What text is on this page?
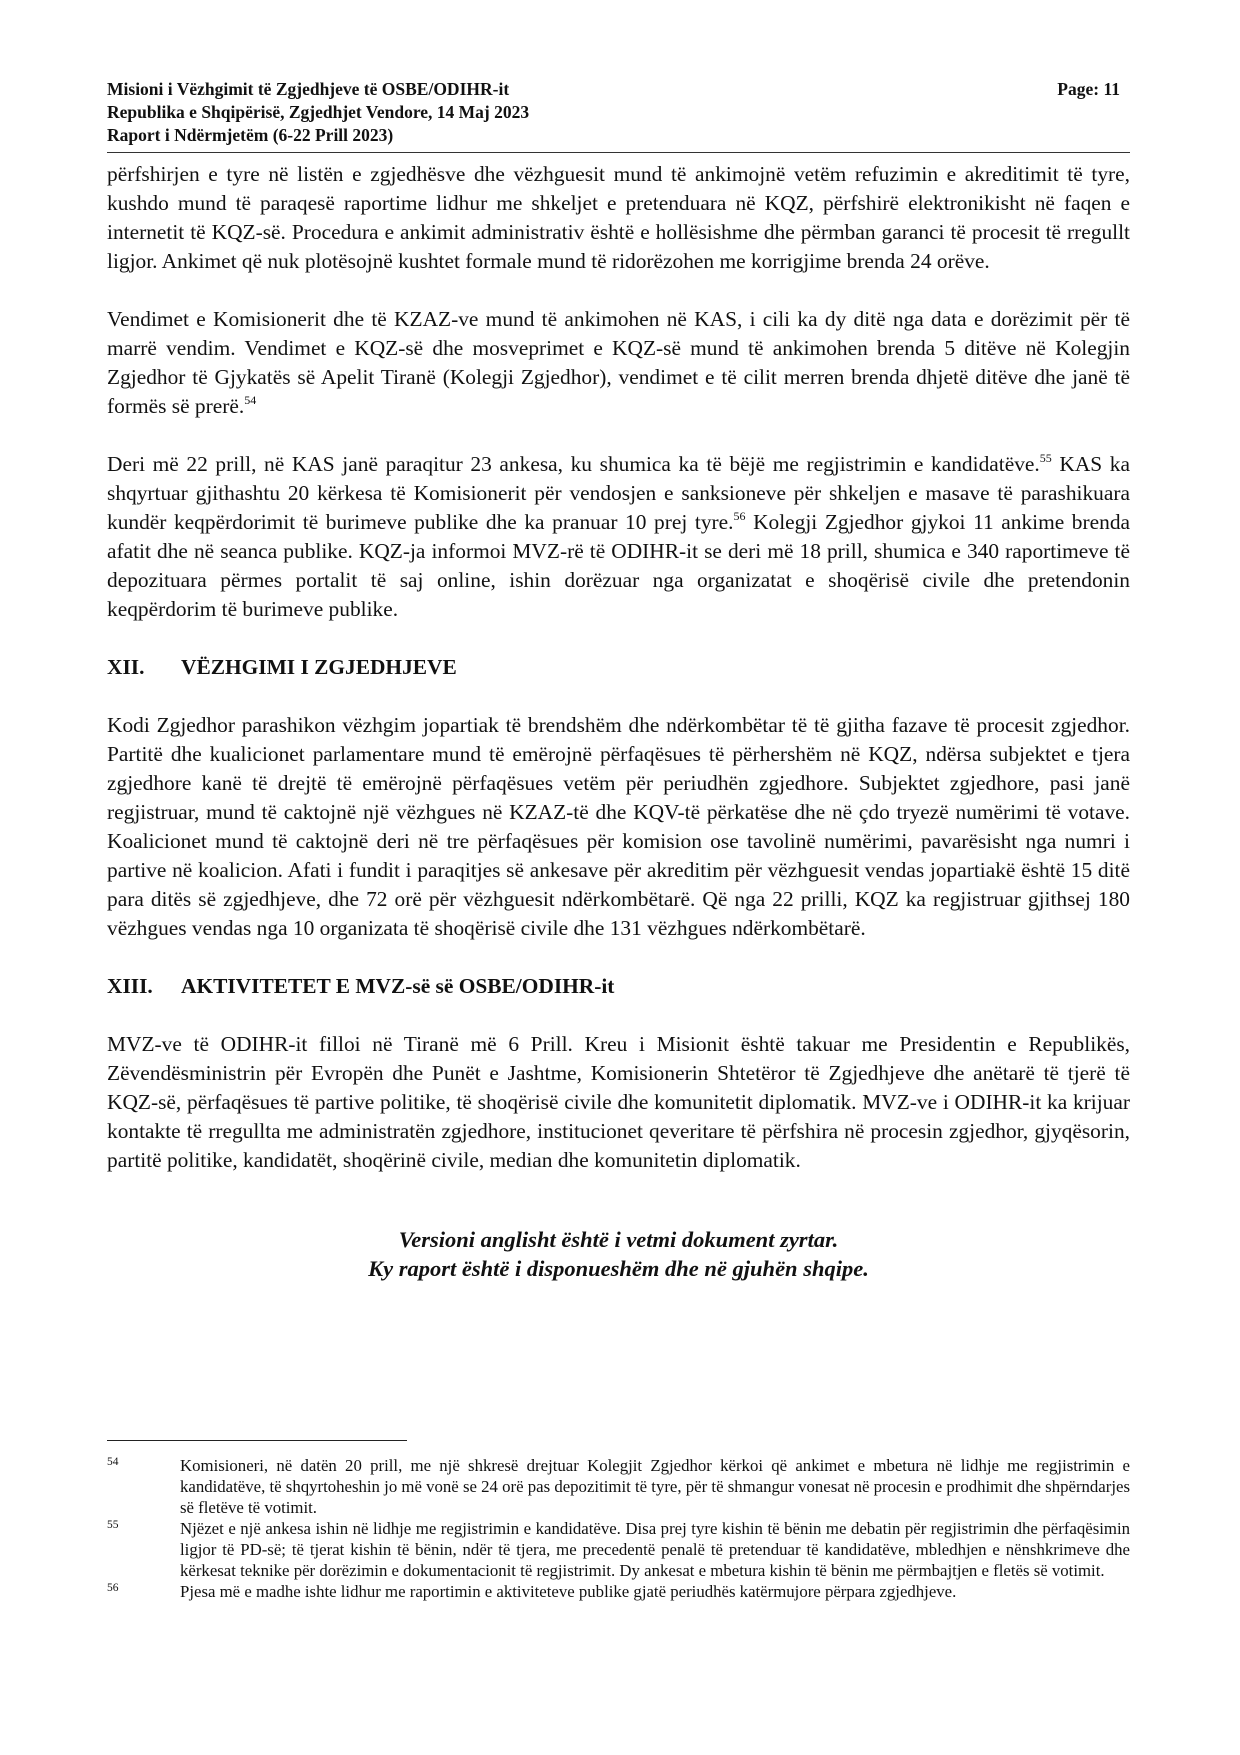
Misioni i Vëzhgimit të Zgjedhjeve të OSBE/ODIHR-it
Republika e Shqipërisë, Zgjedhjet Vendore, 14 Maj 2023
Raport i Ndërmjetëm (6-22 Prill 2023)
Page: 11

përfshirjen e tyre në listën e zgjedhësve dhe vëzhguesit mund të ankimojnë vetëm refuzimin e akreditimit të tyre, kushdo mund të paraqesë raportime lidhur me shkeljet e pretenduara në KQZ, përfshirë elektronikisht në faqen e internetit të KQZ-së. Procedura e ankimit administrativ është e hollësishme dhe përmban garanci të procesit të rregullt ligjor. Ankimet që nuk plotësojnë kushtet formale mund të ridorëzohen me korrigjime brenda 24 orëve.

Vendimet e Komisionerit dhe të KZAZ-ve mund të ankimohen në KAS, i cili ka dy ditë nga data e dorëzimit për të marrë vendim. Vendimet e KQZ-së dhe mosveprimet e KQZ-së mund të ankimohen brenda 5 ditëve në Kolegjin Zgjedhor të Gjykatës së Apelit Tiranë (Kolegji Zgjedhor), vendimet e të cilit merren brenda dhjetë ditëve dhe janë të formës së prerë.$^{54}$

Deri më 22 prill, në KAS janë paraqitur 23 ankesa, ku shumica ka të bëjë me regjistrimin e kandidatëve.$^{55}$ KAS ka shqyrtuar gjithashtu 20 kërkesa të Komisionerit për vendosjen e sanksioneve për shkeljen e masave të parashikuara kundër keqpërdorimit të burimeve publike dhe ka pranuar 10 prej tyre.$^{56}$ Kolegji Zgjedhor gjykoi 11 ankime brenda afatit dhe në seanca publike. KQZ-ja informoi MVZ-rë të ODIHR-it se deri më 18 prill, shumica e 340 raportimeve të depozituara përmes portalit të saj online, ishin dorëzuar nga organizatat e shoqërisë civile dhe pretendonin keqpërdorim të burimeve publike.

XII.	VËZHGIMI I ZGJEDHJEVE

Kodi Zgjedhor parashikon vëzhgim jopartiak të brendshëm dhe ndërkombëtar të të gjitha fazave të procesit zgjedhor. Partitë dhe kualicionet parlamentare mund të emërojnë përfaqësues të përhershëm në KQZ, ndërsa subjektet e tjera zgjedhore kanë të drejtë të emërojnë përfaqësues vetëm për periudhën zgjedhore. Subjektet zgjedhore, pasi janë regjistruar, mund të caktojnë një vëzhgues në KZAZ-të dhe KQV-të përkatëse dhe në çdo tryezë numërimi të votave. Koalicionet mund të caktojnë deri në tre përfaqësues për komision ose tavolinë numërimi, pavarësisht nga numri i partive në koalicion. Afati i fundit i paraqitjes së ankesave për akreditim për vëzhguesit vendas jopartiakë është 15 ditë para ditës së zgjedhjeve, dhe 72 orë për vëzhguesit ndërkombëtarë. Që nga 22 prilli, KQZ ka regjistruar gjithsej 180 vëzhgues vendas nga 10 organizata të shoqërisë civile dhe 131 vëzhgues ndërkombëtarë.

XIII.	AKTIVITETET E MVZ-së së OSBE/ODIHR-it

MVZ-ve të ODIHR-it filloi në Tiranë më 6 Prill. Kreu i Misionit është takuar me Presidentin e Republikës, Zëvendësministrin për Evropën dhe Punët e Jashtme, Komisionerin Shtetëror të Zgjedhjeve dhe anëtarë të tjerë të KQZ-së, përfaqësues të partive politike, të shoqërisë civile dhe komunitetit diplomatik. MVZ-ve i ODIHR-it ka krijuar kontakte të rregullta me administratën zgjedhore, institucionet qeveritare të përfshira në procesin zgjedhor, gjyqësorin, partitë politike, kandidatët, shoqërinë civile, median dhe komunitetin diplomatik.

Versioni anglisht është i vetmi dokument zyrtar.
Ky raport është i disponueshëm dhe në gjuhën shqipe.
54	Komisioneri, në datën 20 prill, me një shkresë drejtuar Kolegjit Zgjedhor kërkoi që ankimet e mbetura në lidhje me regjistrimin e kandidatëve, të shqyrtoheshin jo më vonë se 24 orë pas depozitimit të tyre, për të shmangur vonesat në procesin e prodhimit dhe shpërndarjes së fletëve të votimit.
55	Njëzet e një ankesa ishin në lidhje me regjistrimin e kandidatëve. Disa prej tyre kishin të bënin me debatin për regjistrimin dhe përfaqësimin ligjor të PD-së; të tjerat kishin të bënin, ndër të tjera, me precedentë penalë të pretenduar të kandidatëve, mbledhjen e nënshkrimeve dhe kërkesat teknike për dorëzimin e dokumentacionit të regjistrimit. Dy ankesat e mbetura kishin të bënin me përmbajtjen e fletës së votimit.
56	Pjesa më e madhe ishte lidhur me raportimin e aktiviteteve publike gjatë periudhës katërmujore përpara zgjedhjeve.
